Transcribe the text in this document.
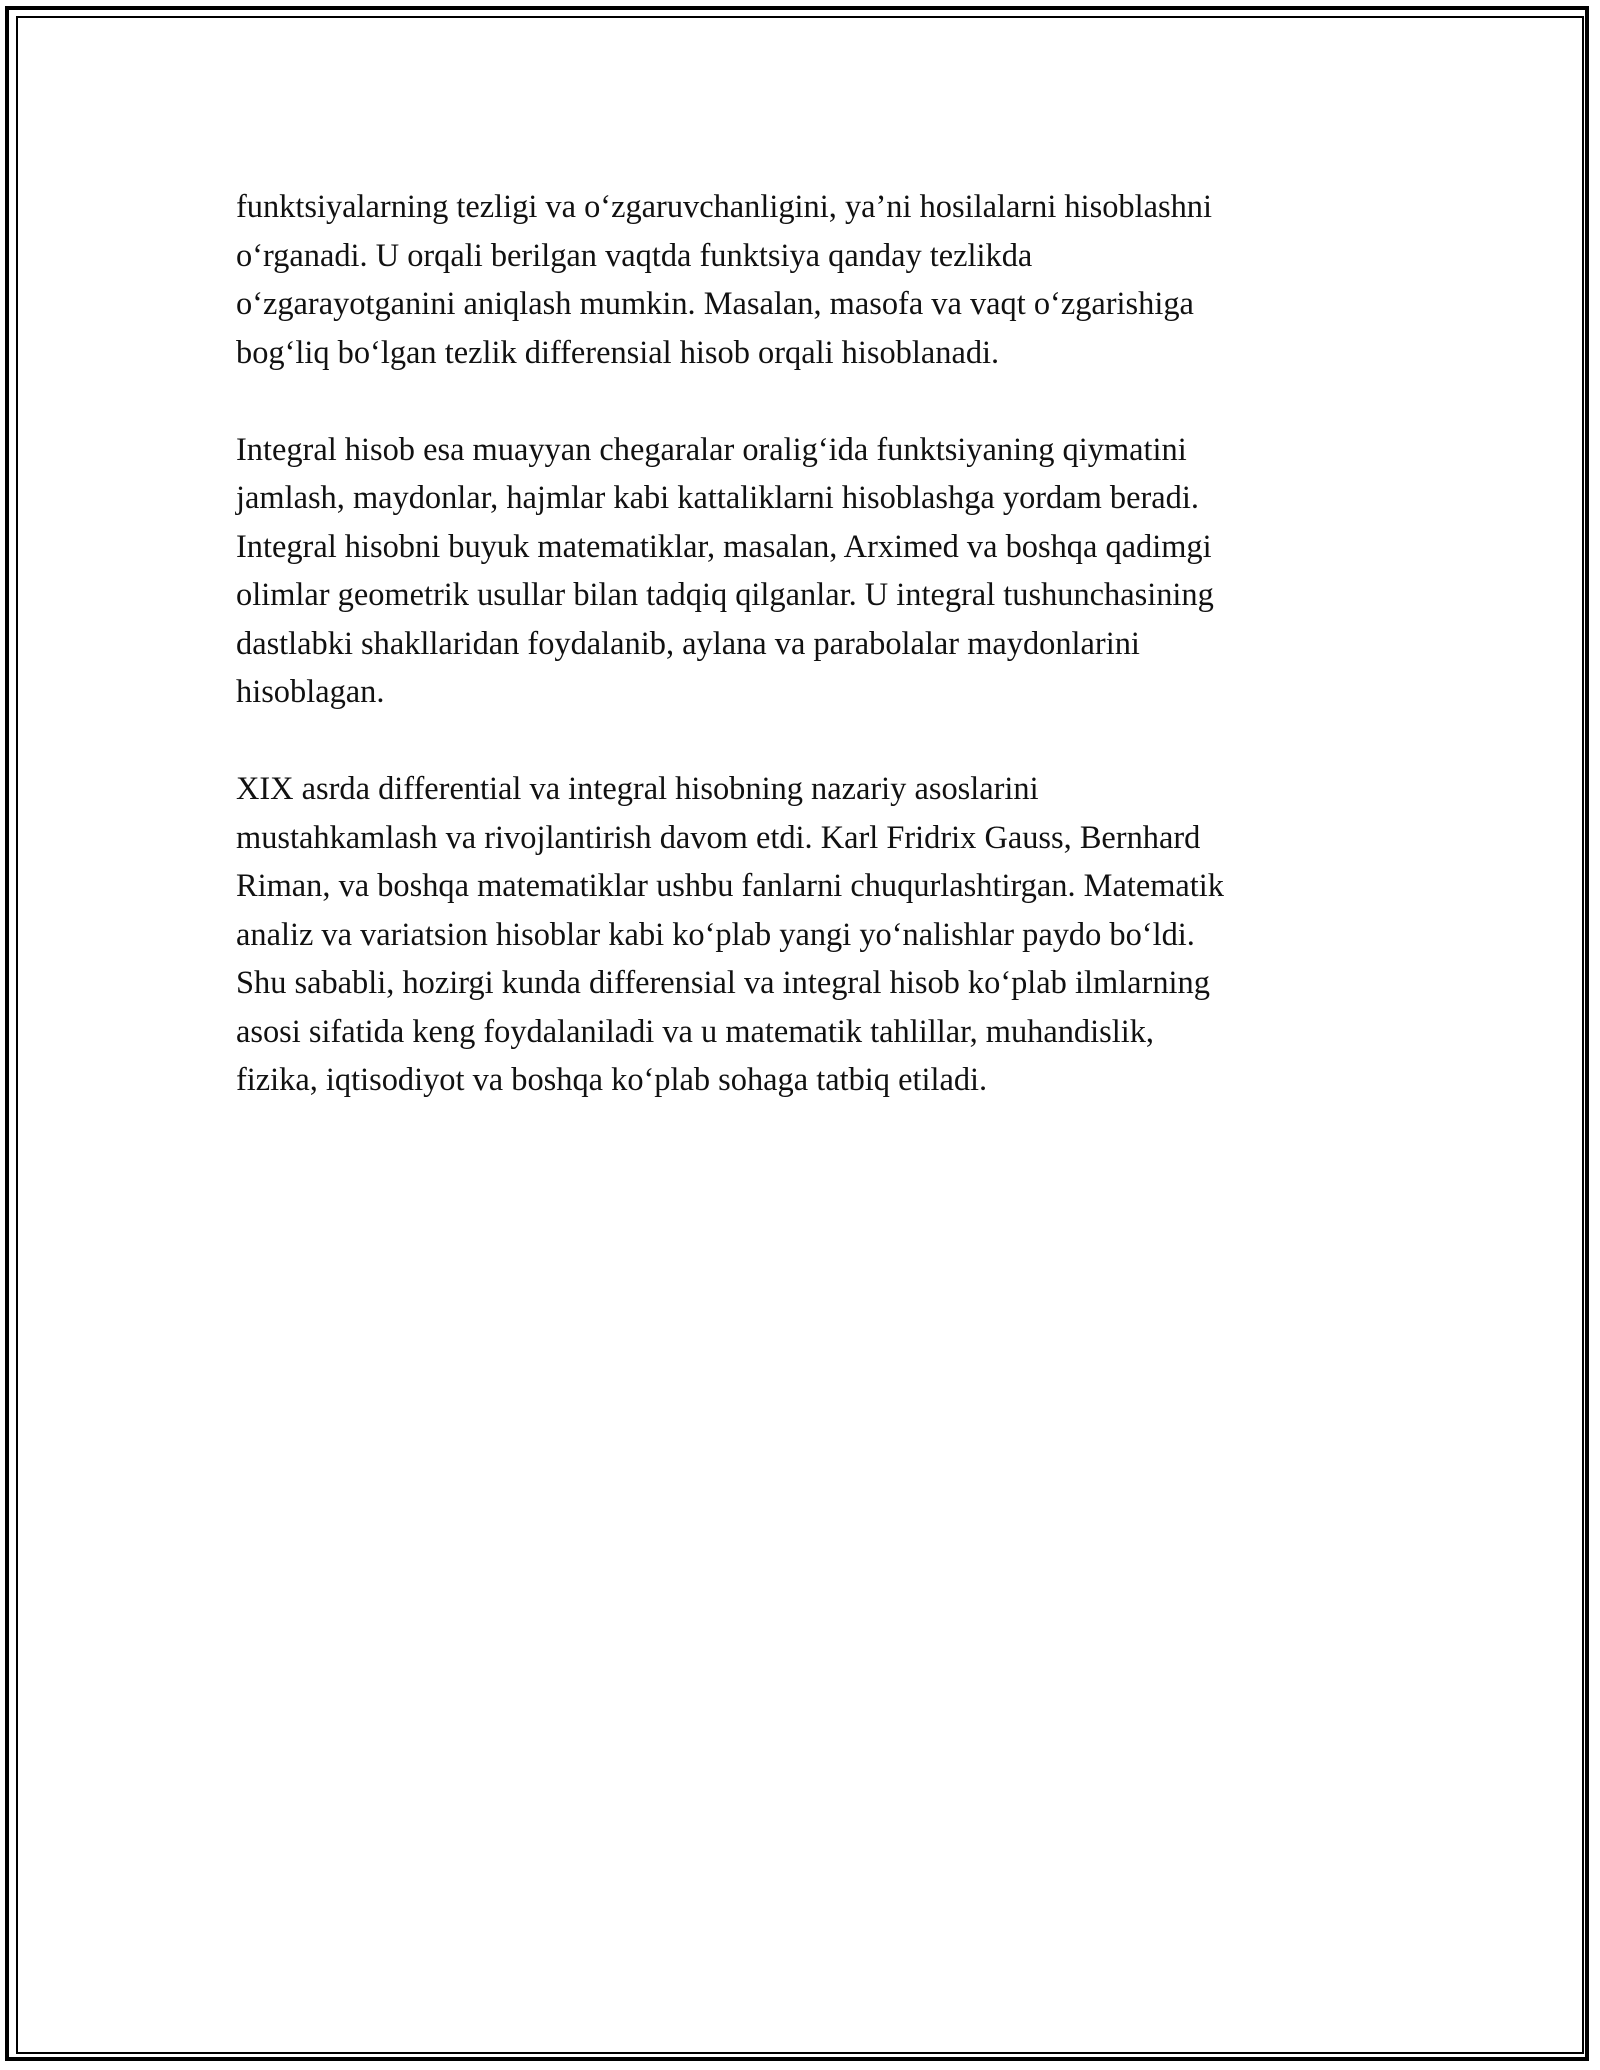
funktsiyalarning tezligi va o‘zgaruvchanligini, ya’ni hosilalarni hisoblashni
o‘rganadi. U orqali berilgan vaqtda funktsiya qanday tezlikda
o‘zgarayotganini aniqlash mumkin. Masalan, masofa va vaqt o‘zgarishiga
bog‘liq bo‘lgan tezlik differensial hisob orqali hisoblanadi.

Integral hisob esa muayyan chegaralar oralig‘ida funktsiyaning qiymatini
jamlash, maydonlar, hajmlar kabi kattaliklarni hisoblashga yordam beradi.
Integral hisobni buyuk matematiklar, masalan, Arximed va boshqa qadimgi
olimlar geometrik usullar bilan tadqiq qilganlar. U integral tushunchasining
dastlabki shakllaridan foydalanib, aylana va parabolalar maydonlarini
hisoblagan.

XIX asrda differential va integral hisobning nazariy asoslarini
mustahkamlash va rivojlantirish davom etdi. Karl Fridrix Gauss, Bernhard
Riman, va boshqa matematiklar ushbu fanlarni chuqurlashtirgan. Matematik
analiz va variatsion hisoblar kabi ko‘plab yangi yo‘nalishlar paydo bo‘ldi.
Shu sababli, hozirgi kunda differensial va integral hisob ko‘plab ilmlarning
asosi sifatida keng foydalaniladi va u matematik tahlillar, muhandislik,
fizika, iqtisodiyot va boshqa ko‘plab sohaga tatbiq etiladi.
